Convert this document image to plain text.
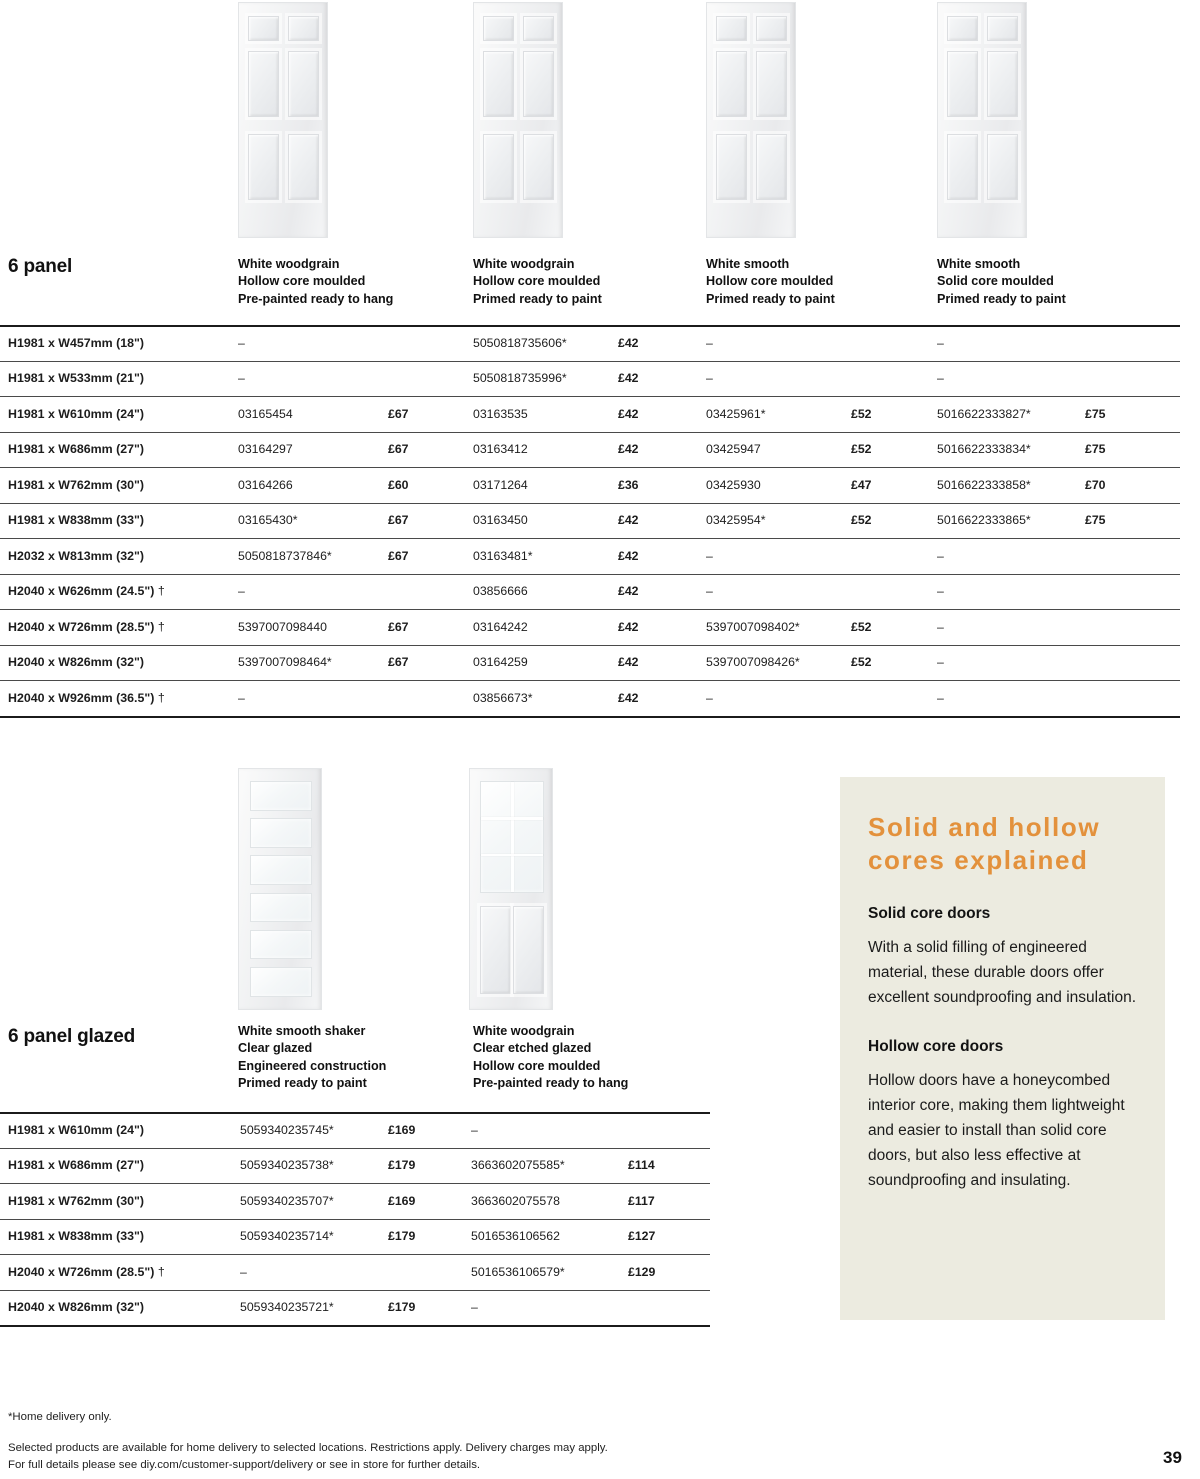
6 panel	White woodgrain
Hollow core moulded
Pre-painted ready to hang
White woodgrain
Hollow core moulded
Primed ready to paint
White smooth
Hollow core moulded
Primed ready to paint
White smooth
Solid core moulded
Primed ready to paint
H1981 x W457mm (18")	–	5050818735606*	£42	–	–
H1981 x W533mm (21")	–	5050818735996*	£42	–	–
H1981 x W610mm (24")	03165454	£67	03163535	£42	03425961*	£52	5016622333827*	£75
H1981 x W686mm (27")	03164297	£67	03163412	£42	03425947	£52	5016622333834*	£75
H1981 x W762mm (30")	03164266	£60	03171264	£36	03425930	£47	5016622333858*	£70
H1981 x W838mm (33")	03165430*	£67	03163450	£42	03425954*	£52	5016622333865*	£75
H2032 x W813mm (32")	5050818737846*	£67	03163481*	£42	–	–
H2040 x W626mm (24.5") †	–	03856666	£42	–	–
H2040 x W726mm (28.5") †	5397007098440	£67	03164242	£42	5397007098402*	£52	–
H2040 x W826mm (32")	5397007098464*	£67	03164259	£42	5397007098426*	£52	–
H2040 x W926mm (36.5") †	–	03856673*	£42	–	–
6 panel glazed	White smooth shaker
Clear glazed
Engineered construction
Primed ready to paint
White woodgrain
Clear etched glazed
Hollow core moulded
Pre-painted ready to hang
H1981 x W610mm (24")	5059340235745*	£169	–
H1981 x W686mm (27")	5059340235738*	£179	3663602075585*	£114
H1981 x W762mm (30")	5059340235707*	£169	3663602075578	£117
H1981 x W838mm (33")	5059340235714*	£179	5016536106562	£127
H2040 x W726mm (28.5") †	–	5016536106579*	£129
H2040 x W826mm (32")	5059340235721*	£179	–
Solid and hollow cores explained
Solid core doors

With a solid filling of engineered material, these durable doors offer excellent soundproofing and insulation.

Hollow core doors

Hollow doors have a honeycombed interior core, making them lightweight and easier to install than solid core doors, but also less effective at soundproofing and insulating.

*Home delivery only.
Selected products are available for home delivery to selected locations. Restrictions apply. Delivery charges may apply.
For full details please see diy.com/customer-support/delivery or see in store for further details.	39
